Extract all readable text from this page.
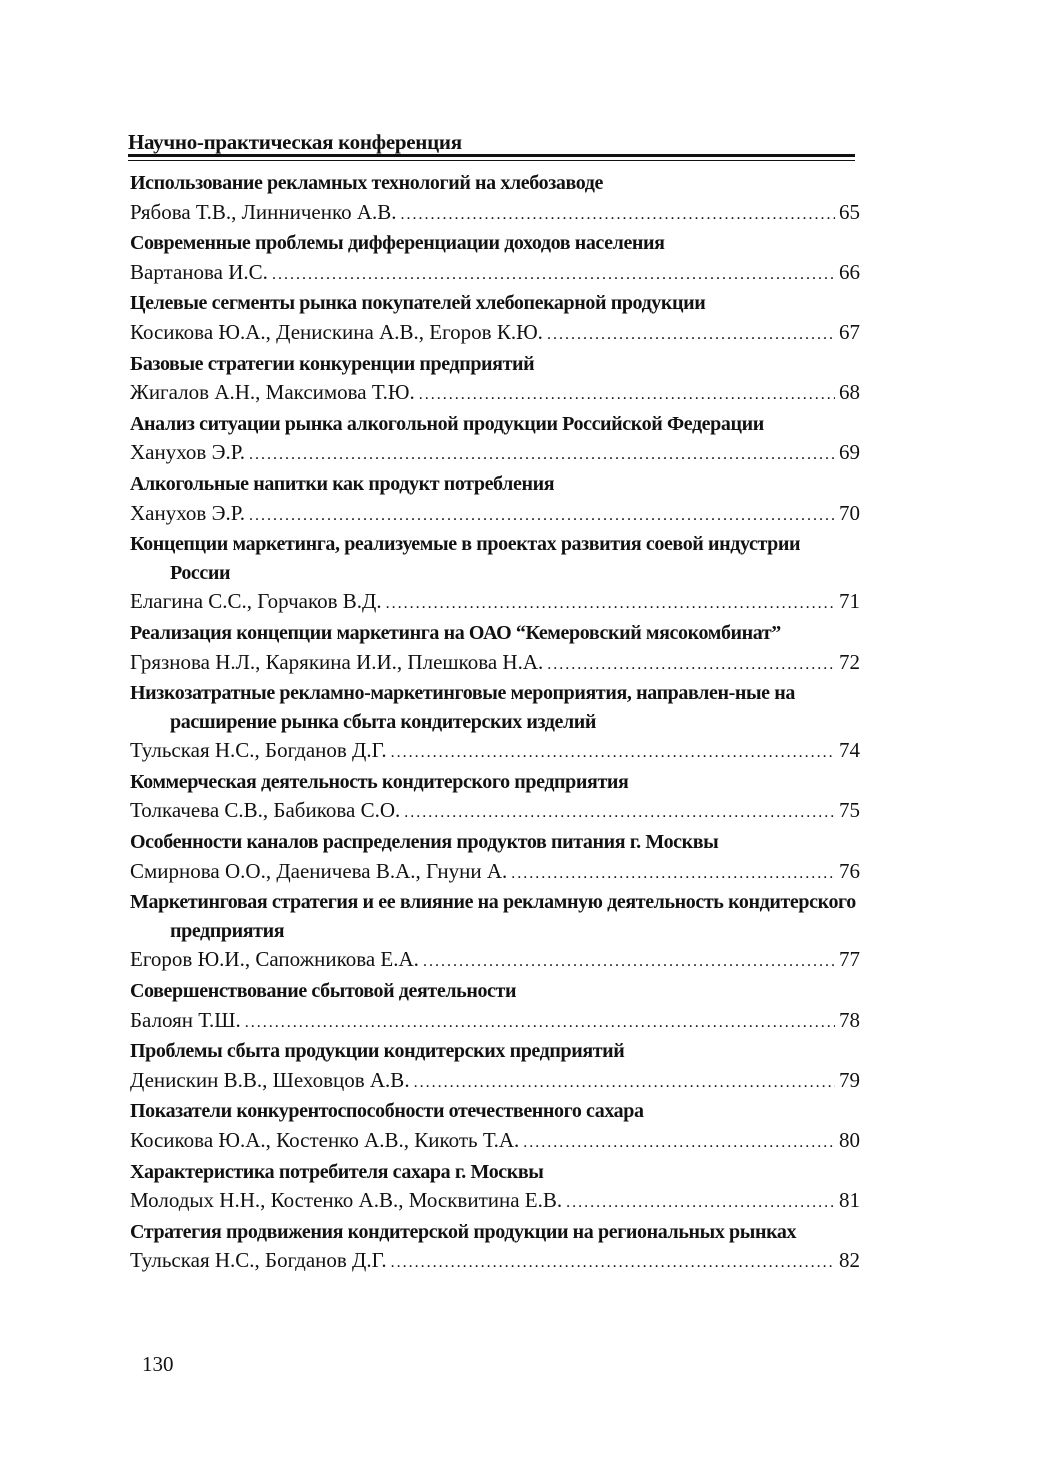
Научно-практическая конференция
Использование рекламных технологий на хлебозаводе
Рябова Т.В., Линниченко А.В. .....	65
Современные проблемы дифференциации доходов населения
Вартанова И.С. .....	66
Целевые сегменты рынка покупателей хлебопекарной продукции
Косикова Ю.А., Денискина А.В., Егоров К.Ю. .....	67
Базовые стратегии конкуренции предприятий
Жигалов А.Н., Максимова Т.Ю. .....	68
Анализ ситуации рынка алкогольной продукции Российской Федерации
Ханухов Э.Р. .....	69
Алкогольные напитки как продукт потребления
Ханухов Э.Р. .....	70
Концепции маркетинга, реализуемые в проектах развития соевой индустрии России
Елагина С.С., Горчаков В.Д. .....	71
Реализация концепции маркетинга на ОАО “Кемеровский мясокомбинат”
Грязнова Н.Л., Карякина И.И., Плешкова Н.А. .....	72
Низкозатратные рекламно-маркетинговые мероприятия, направлен-ные на расширение рынка сбыта кондитерских изделий
Тульская Н.С., Богданов Д.Г. .....	74
Коммерческая деятельность кондитерского предприятия
Толкачева С.В., Бабикова С.О. .....	75
Особенности каналов распределения продуктов питания г. Москвы
Смирнова О.О., Даеничева В.А., Гнуни А. .....	76
Маркетинговая стратегия и ее влияние на рекламную деятельность кондитерского предприятия
Егоров Ю.И., Сапожникова Е.А. .....	77
Совершенствование сбытовой деятельности
Балоян Т.Ш. .....	78
Проблемы сбыта продукции кондитерских предприятий
Денискин В.В., Шеховцов А.В. .....	79
Показатели конкурентоспособности отечественного сахара
Косикова Ю.А., Костенко А.В., Кикоть Т.А. .....	80
Характеристика потребителя сахара г. Москвы
Молодых Н.Н., Костенко А.В., Москвитина Е.В. .....	81
Стратегия продвижения кондитерской продукции на региональных рынках
Тульская Н.С., Богданов Д.Г. .....	82
130
